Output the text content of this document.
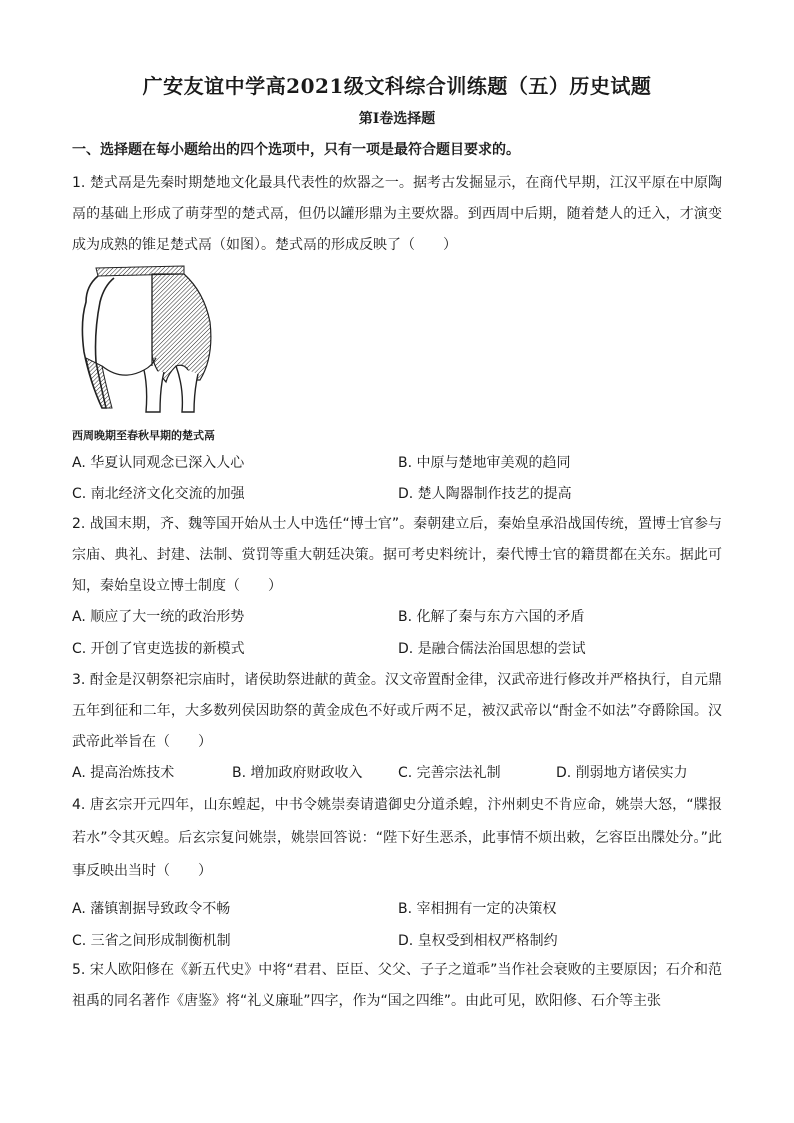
广安友谊中学高2021级文科综合训练题（五）历史试题
第Ⅰ卷选择题
一、选择题在每小题给出的四个选项中，只有一项是最符合题目要求的。
1. 楚式鬲是先秦时期楚地文化最具代表性的炊器之一。据考古发掘显示，在商代早期，江汉平原在中原陶鬲的基础上形成了萌芽型的楚式鬲，但仍以罐形鼎为主要炊器。到西周中后期，随着楚人的迁入，才演变成为成熟的锥足楚式鬲（如图）。楚式鬲的形成反映了（　　）
西周晚期至春秋早期的楚式鬲
A. 华夏认同观念已深入人心	B. 中原与楚地审美观的趋同
C. 南北经济文化交流的加强	D. 楚人陶器制作技艺的提高
2. 战国末期，齐、魏等国开始从士人中选任“博士官”。秦朝建立后，秦始皇承沿战国传统，置博士官参与宗庙、典礼、封建、法制、赏罚等重大朝廷决策。据可考史料统计，秦代博士官的籍贯都在关东。据此可知，秦始皇设立博士制度（　　）
A. 顺应了大一统的政治形势	B. 化解了秦与东方六国的矛盾
C. 开创了官吏选拔的新模式	D. 是融合儒法治国思想的尝试
3. 酎金是汉朝祭祀宗庙时，诸侯助祭进献的黄金。汉文帝置酎金律，汉武帝进行修改并严格执行，自元鼎五年到征和二年，大多数列侯因助祭的黄金成色不好或斤两不足，被汉武帝以“酎金不如法”夺爵除国。汉武帝此举旨在（　　）
A. 提高治炼技术	B. 增加政府财政收入	C. 完善宗法礼制	D. 削弱地方诸侯实力
4. 唐玄宗开元四年，山东蝗起，中书令姚崇奏请遣御史分道杀蝗，汴州刺史不肯应命，姚崇大怒，“牒报若水”令其灭蝗。后玄宗复问姚崇，姚崇回答说：“陛下好生恶杀，此事情不烦出敕，乞容臣出牒处分。”此事反映出当时（　　）
A. 藩镇割据导致政令不畅	B. 宰相拥有一定的决策权
C. 三省之间形成制衡机制	D. 皇权受到相权严格制约
5. 宋人欧阳修在《新五代史》中将“君君、臣臣、父父、子子之道乖”当作社会衰败的主要原因；石介和范祖禹的同名著作《唐鉴》将“礼义廉耻”四字，作为“国之四维”。由此可见，欧阳修、石介等主张
